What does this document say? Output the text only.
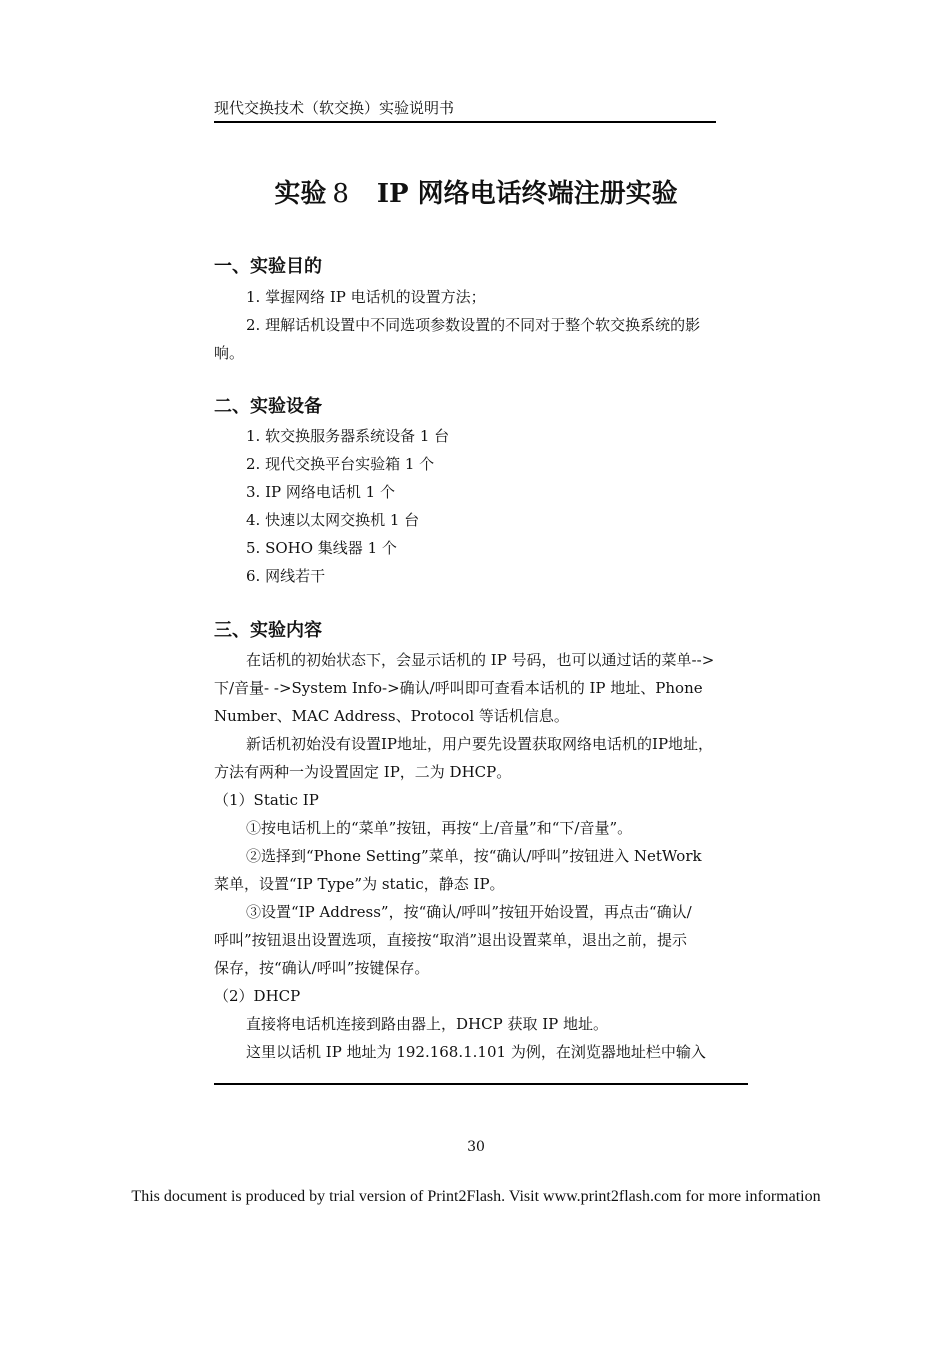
现代交换技术（软交换）实验说明书
实验 8 IP 网络电话终端注册实验
一、实验目的
1. 掌握网络 IP 电话机的设置方法；
2. 理解话机设置中不同选项参数设置的不同对于整个软交换系统的影
响。
二、实验设备
1. 软交换服务器系统设备 1 台
2. 现代交换平台实验箱 1 个
3. IP 网络电话机 1 个
4. 快速以太网交换机 1 台
5. SOHO 集线器 1 个
6. 网线若干
三、实验内容
在话机的初始状态下，会显示话机的 IP 号码，也可以通过话的菜单-->
下/音量- ->System Info->确认/呼叫即可查看本话机的 IP 地址、Phone
Number、MAC Address、Protocol 等话机信息。
新话机初始没有设置IP地址，用户要先设置获取网络电话机的IP地址，
方法有两种一为设置固定 IP，二为 DHCP。
（1）Static IP
①按电话机上的“菜单”按钮，再按“上/音量”和“下/音量”。
②选择到“Phone Setting”菜单，按“确认/呼叫”按钮进入 NetWork
菜单，设置“IP Type”为 static，静态 IP。
③设置“IP Address”，按“确认/呼叫”按钮开始设置，再点击“确认/
呼叫”按钮退出设置选项，直接按“取消”退出设置菜单，退出之前，提示
保存，按“确认/呼叫”按键保存。
（2）DHCP
直接将电话机连接到路由器上，DHCP 获取 IP 地址。
这里以话机 IP 地址为 192.168.1.101 为例，在浏览器地址栏中输入
30
This document is produced by trial version of Print2Flash. Visit www.print2flash.com for more information
